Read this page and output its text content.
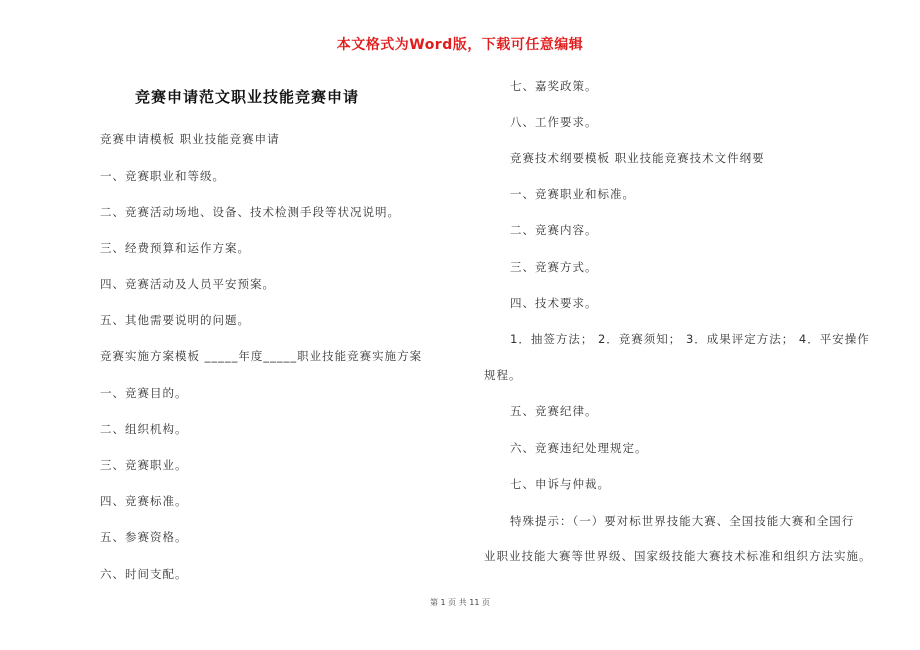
本文格式为Word版，下载可任意编辑
竞赛申请范文职业技能竞赛申请

竞赛申请模板 职业技能竞赛申请

一、竞赛职业和等级。

二、竞赛活动场地、设备、技术检测手段等状况说明。

三、经费预算和运作方案。

四、竞赛活动及人员平安预案。

五、其他需要说明的问题。

竞赛实施方案模板 _____年度_____职业技能竞赛实施方案

一、竞赛目的。

二、组织机构。

三、竞赛职业。

四、竞赛标准。

五、参赛资格。

六、时间支配。

七、嘉奖政策。

八、工作要求。

竞赛技术纲要模板 职业技能竞赛技术文件纲要

一、竞赛职业和标准。

二、竞赛内容。

三、竞赛方式。

四、技术要求。

1．抽签方法； 2．竞赛须知； 3．成果评定方法； 4．平安操作

规程。

五、竞赛纪律。

六、竞赛违纪处理规定。

七、申诉与仲裁。

特殊提示：（一）要对标世界技能大赛、全国技能大赛和全国行

业职业技能大赛等世界级、国家级技能大赛技术标准和组织方法实施。

第 1 页 共 11 页
